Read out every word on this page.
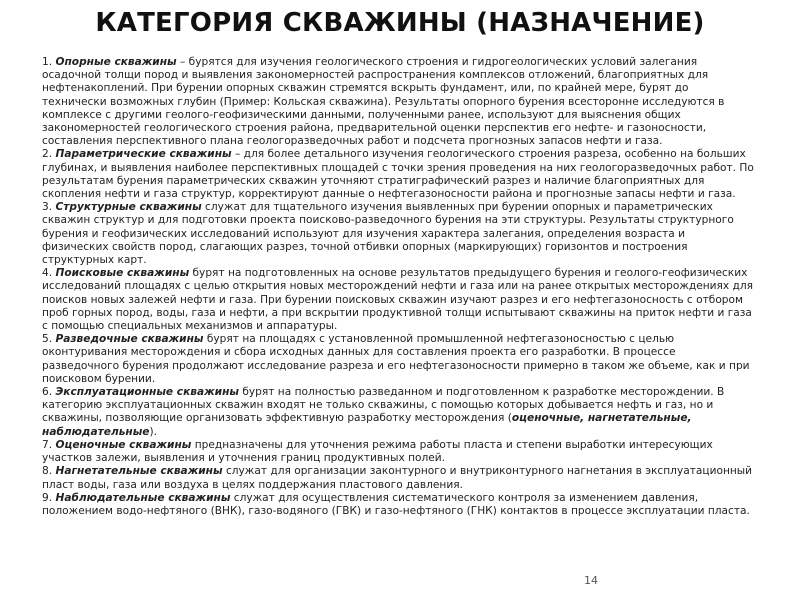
КАТЕГОРИЯ СКВАЖИНЫ (НАЗНАЧЕНИЕ)

1. Опорные скважины – бурятся для изучения геологического строения и гидрогеологических условий залегания осадочной толщи пород и выявления закономерностей распространения комплексов отложений, благоприятных для нефтенакоплений. При бурении опорных скважин стремятся вскрыть фундамент, или, по крайней мере, бурят до технически возможных глубин (Пример: Кольская скважина). Результаты опорного бурения всесторонне исследуются в комплексе с другими геолого-геофизическими данными, полученными ранее, используют для выяснения общих закономерностей геологического строения района, предварительной оценки перспектив его нефте- и газоносности, составления перспективного плана геологоразведочных работ и подсчета прогнозных запасов нефти и газа.

2. Параметрические скважины – для более детального изучения геологического строения разреза, особенно на больших глубинах, и выявления наиболее перспективных площадей с точки зрения проведения на них геологоразведочных работ. По результатам бурения параметрических скважин уточняют стратиграфический разрез и наличие благоприятных для скопления нефти и газа структур, корректируют данные о нефтегазоносности района и прогнозные запасы нефти и газа.

3. Структурные скважины служат для тщательного изучения выявленных при бурении опорных и параметрических скважин структур и для подготовки проекта поисково-разведочного бурения на эти структуры. Результаты структурного бурения и геофизических исследований используют для изучения характера залегания, определения возраста и физических свойств пород, слагающих разрез, точной отбивки опорных (маркирующих) горизонтов и построения структурных карт.

4. Поисковые скважины бурят на подготовленных на основе результатов предыдущего бурения и геолого-геофизических исследований площадях с целью открытия новых месторождений нефти и газа или на ранее открытых месторождениях для поисков новых залежей нефти и газа. При бурении поисковых скважин изучают разрез и его нефтегазоносность с отбором проб горных пород, воды, газа и нефти, а при вскрытии продуктивной толщи испытывают скважины на приток нефти и газа с помощью специальных механизмов и аппаратуры.

5. Разведочные скважины бурят на площадях с установленной промышленной нефтегазоносностью с целью оконтуривания месторождения и сбора исходных данных для составления проекта его разработки. В процессе разведочного бурения продолжают исследование разреза и его нефтегазоносности примерно в таком же объеме, как и при поисковом бурении.

6. Эксплуатационные скважины бурят на полностью разведанном и подготовленном к разработке месторождении. В категорию эксплуатационных скважин входят не только скважины, с помощью которых добывается нефть и газ, но и скважины, позволяющие организовать эффективную разработку месторождения (оценочные, нагнетательные, наблюдательные).

7. Оценочные скважины предназначены для уточнения режима работы пласта и степени выработки интересующих участков залежи, выявления и уточнения границ продуктивных полей.

8. Нагнетательные скважины служат для организации законтурного и внутриконтурного нагнетания в эксплуатационный пласт воды, газа или воздуха в целях поддержания пластового давления.

9. Наблюдательные скважины служат для осуществления систематического контроля за изменением давления, положением водо-нефтяного (ВНК), газо-водяного (ГВК) и газо-нефтяного (ГНК) контактов в процессе эксплуатации пласта.

14
